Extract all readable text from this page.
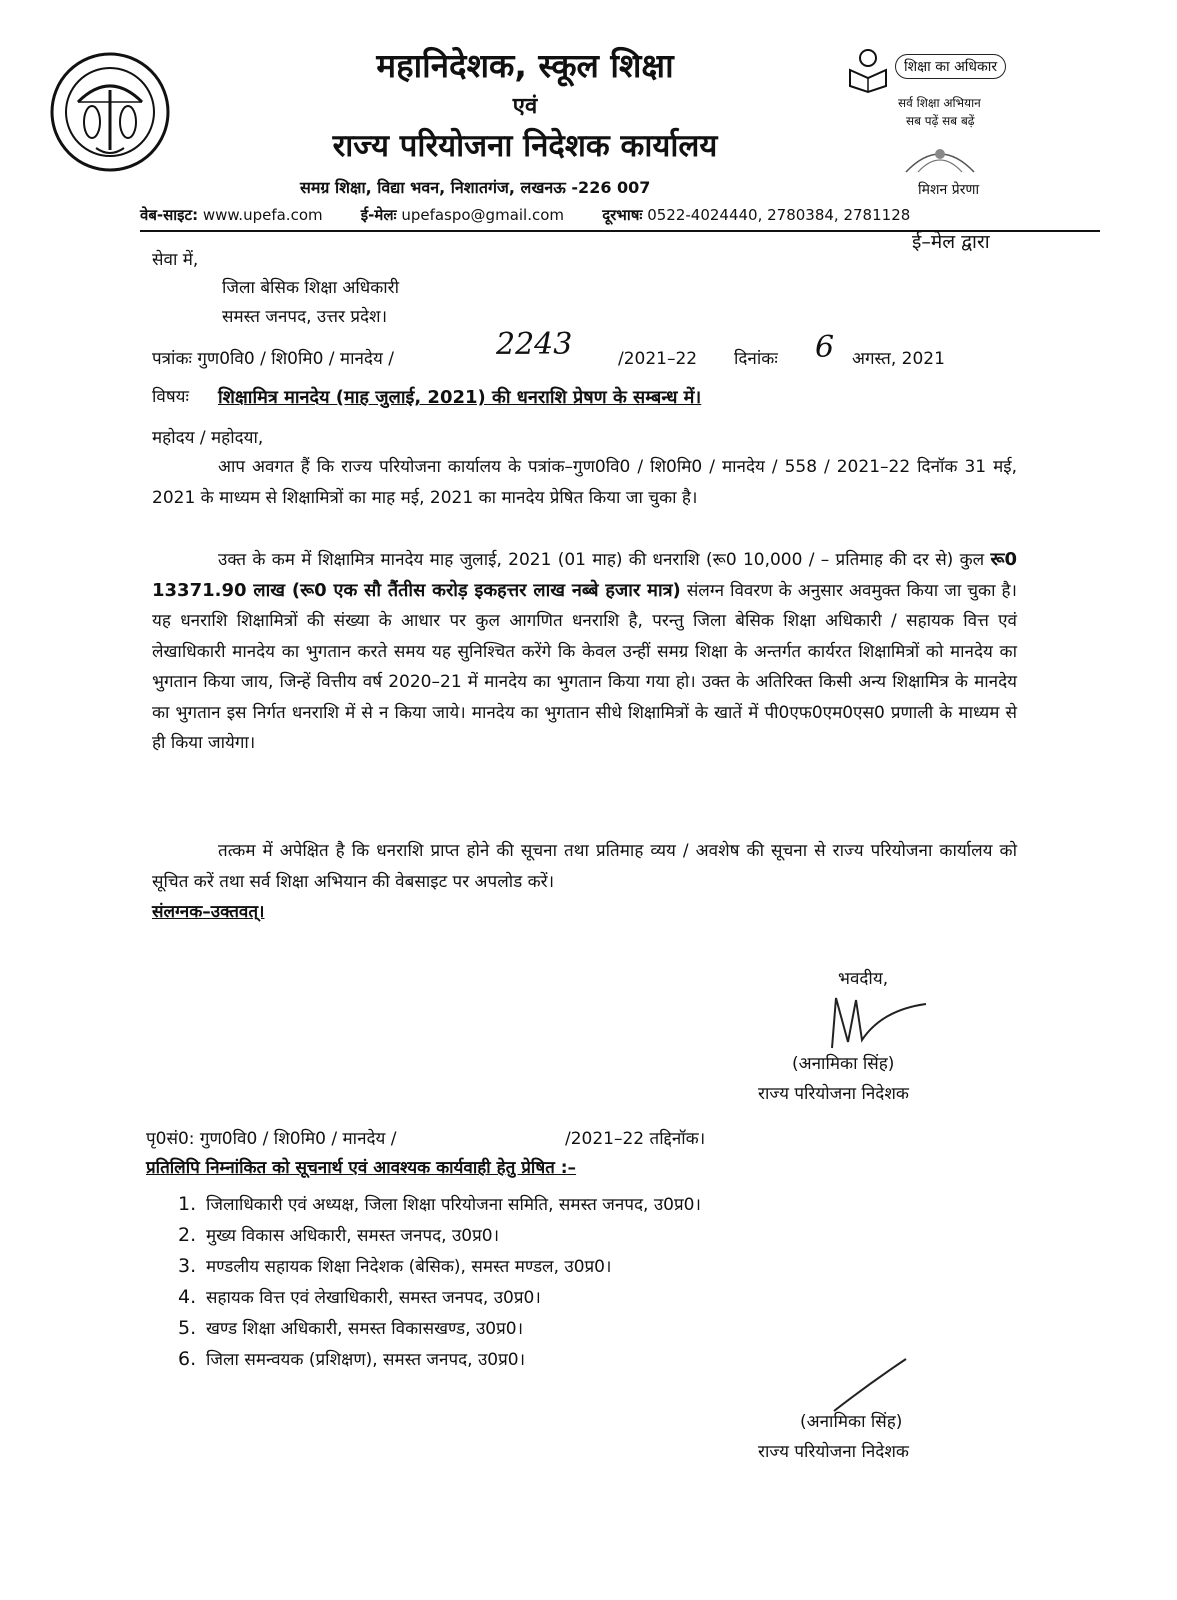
महानिदेशक, स्कूल शिक्षा
एवं
राज्य परियोजना निदेशक कार्यालय
समग्र शिक्षा, विद्या भवन, निशातगंज, लखनऊ -226 007
वेब-साइट: www.upefa.com	ई-मेलः upefaspo@gmail.com	दूरभाषः 0522-4024440, 2780384, 2781128
शिक्षा का अधिकार
सर्व शिक्षा अभियान
सब पढ़ें सब बढ़ें
मिशन प्रेरणा
ई–मेल द्वारा
सेवा में,
जिला बेसिक शिक्षा अधिकारी
समस्त जनपद, उत्तर प्रदेश।
पत्रांकः गुण0वि0 / शि0मि0 / मानदेय /	2243	/2021–22 दिनांकः 6 अगस्त, 2021
विषयः शिक्षामित्र मानदेय (माह जुलाई, 2021) की धनराशि प्रेषण के सम्बन्ध में।
महोदय / महोदया,
आप अवगत हैं कि राज्य परियोजना कार्यालय के पत्रांक–गुण0वि0 / शि0मि0 / मानदेय / 558 / 2021–22 दिनॉक 31 मई, 2021 के माध्यम से शिक्षामित्रों का माह मई, 2021 का मानदेय प्रेषित किया जा चुका है।
उक्त के कम में शिक्षामित्र मानदेय माह जुलाई, 2021 (01 माह) की धनराशि (रू0 10,000 / – प्रतिमाह की दर से) कुल रू0 13371.90 लाख (रू0 एक सौ तैंतीस करोड़ इकहत्तर लाख नब्बे हजार मात्र) संलग्न विवरण के अनुसार अवमुक्त किया जा चुका है। यह धनराशि शिक्षामित्रों की संख्या के आधार पर कुल आगणित धनराशि है, परन्तु जिला बेसिक शिक्षा अधिकारी / सहायक वित्त एवं लेखाधिकारी मानदेय का भुगतान करते समय यह सुनिश्चित करेंगे कि केवल उन्हीं समग्र शिक्षा के अन्तर्गत कार्यरत शिक्षामित्रों को मानदेय का भुगतान किया जाय, जिन्हें वित्तीय वर्ष 2020–21 में मानदेय का भुगतान किया गया हो। उक्त के अतिरिक्त किसी अन्य शिक्षामित्र के मानदेय का भुगतान इस निर्गत धनराशि में से न किया जाये। मानदेय का भुगतान सीधे शिक्षामित्रों के खातें में पी0एफ0एम0एस0 प्रणाली के माध्यम से ही किया जायेगा।
तत्कम में अपेक्षित है कि धनराशि प्राप्त होने की सूचना तथा प्रतिमाह व्यय / अवशेष की सूचना से राज्य परियोजना कार्यालय को सूचित करें तथा सर्व शिक्षा अभियान की वेबसाइट पर अपलोड करें।
संलग्नक–उक्तवत्।
भवदीय,
(अनामिका सिंह)
राज्य परियोजना निदेशक
पृ0सं0: गुण0वि0 / शि0मि0 / मानदेय /	/2021–22 तद्दिनॉक।
प्रतिलिपि निम्नांकित को सूचनार्थ एवं आवश्यक कार्यवाही हेतु प्रेषित :–
1. जिलाधिकारी एवं अध्यक्ष, जिला शिक्षा परियोजना समिति, समस्त जनपद, उ0प्र0।
2. मुख्य विकास अधिकारी, समस्त जनपद, उ0प्र0।
3. मण्डलीय सहायक शिक्षा निदेशक (बेसिक), समस्त मण्डल, उ0प्र0।
4. सहायक वित्त एवं लेखाधिकारी, समस्त जनपद, उ0प्र0।
5. खण्ड शिक्षा अधिकारी, समस्त विकासखण्ड, उ0प्र0।
6. जिला समन्वयक (प्रशिक्षण), समस्त जनपद, उ0प्र0।
(अनामिका सिंह)
राज्य परियोजना निदेशक
